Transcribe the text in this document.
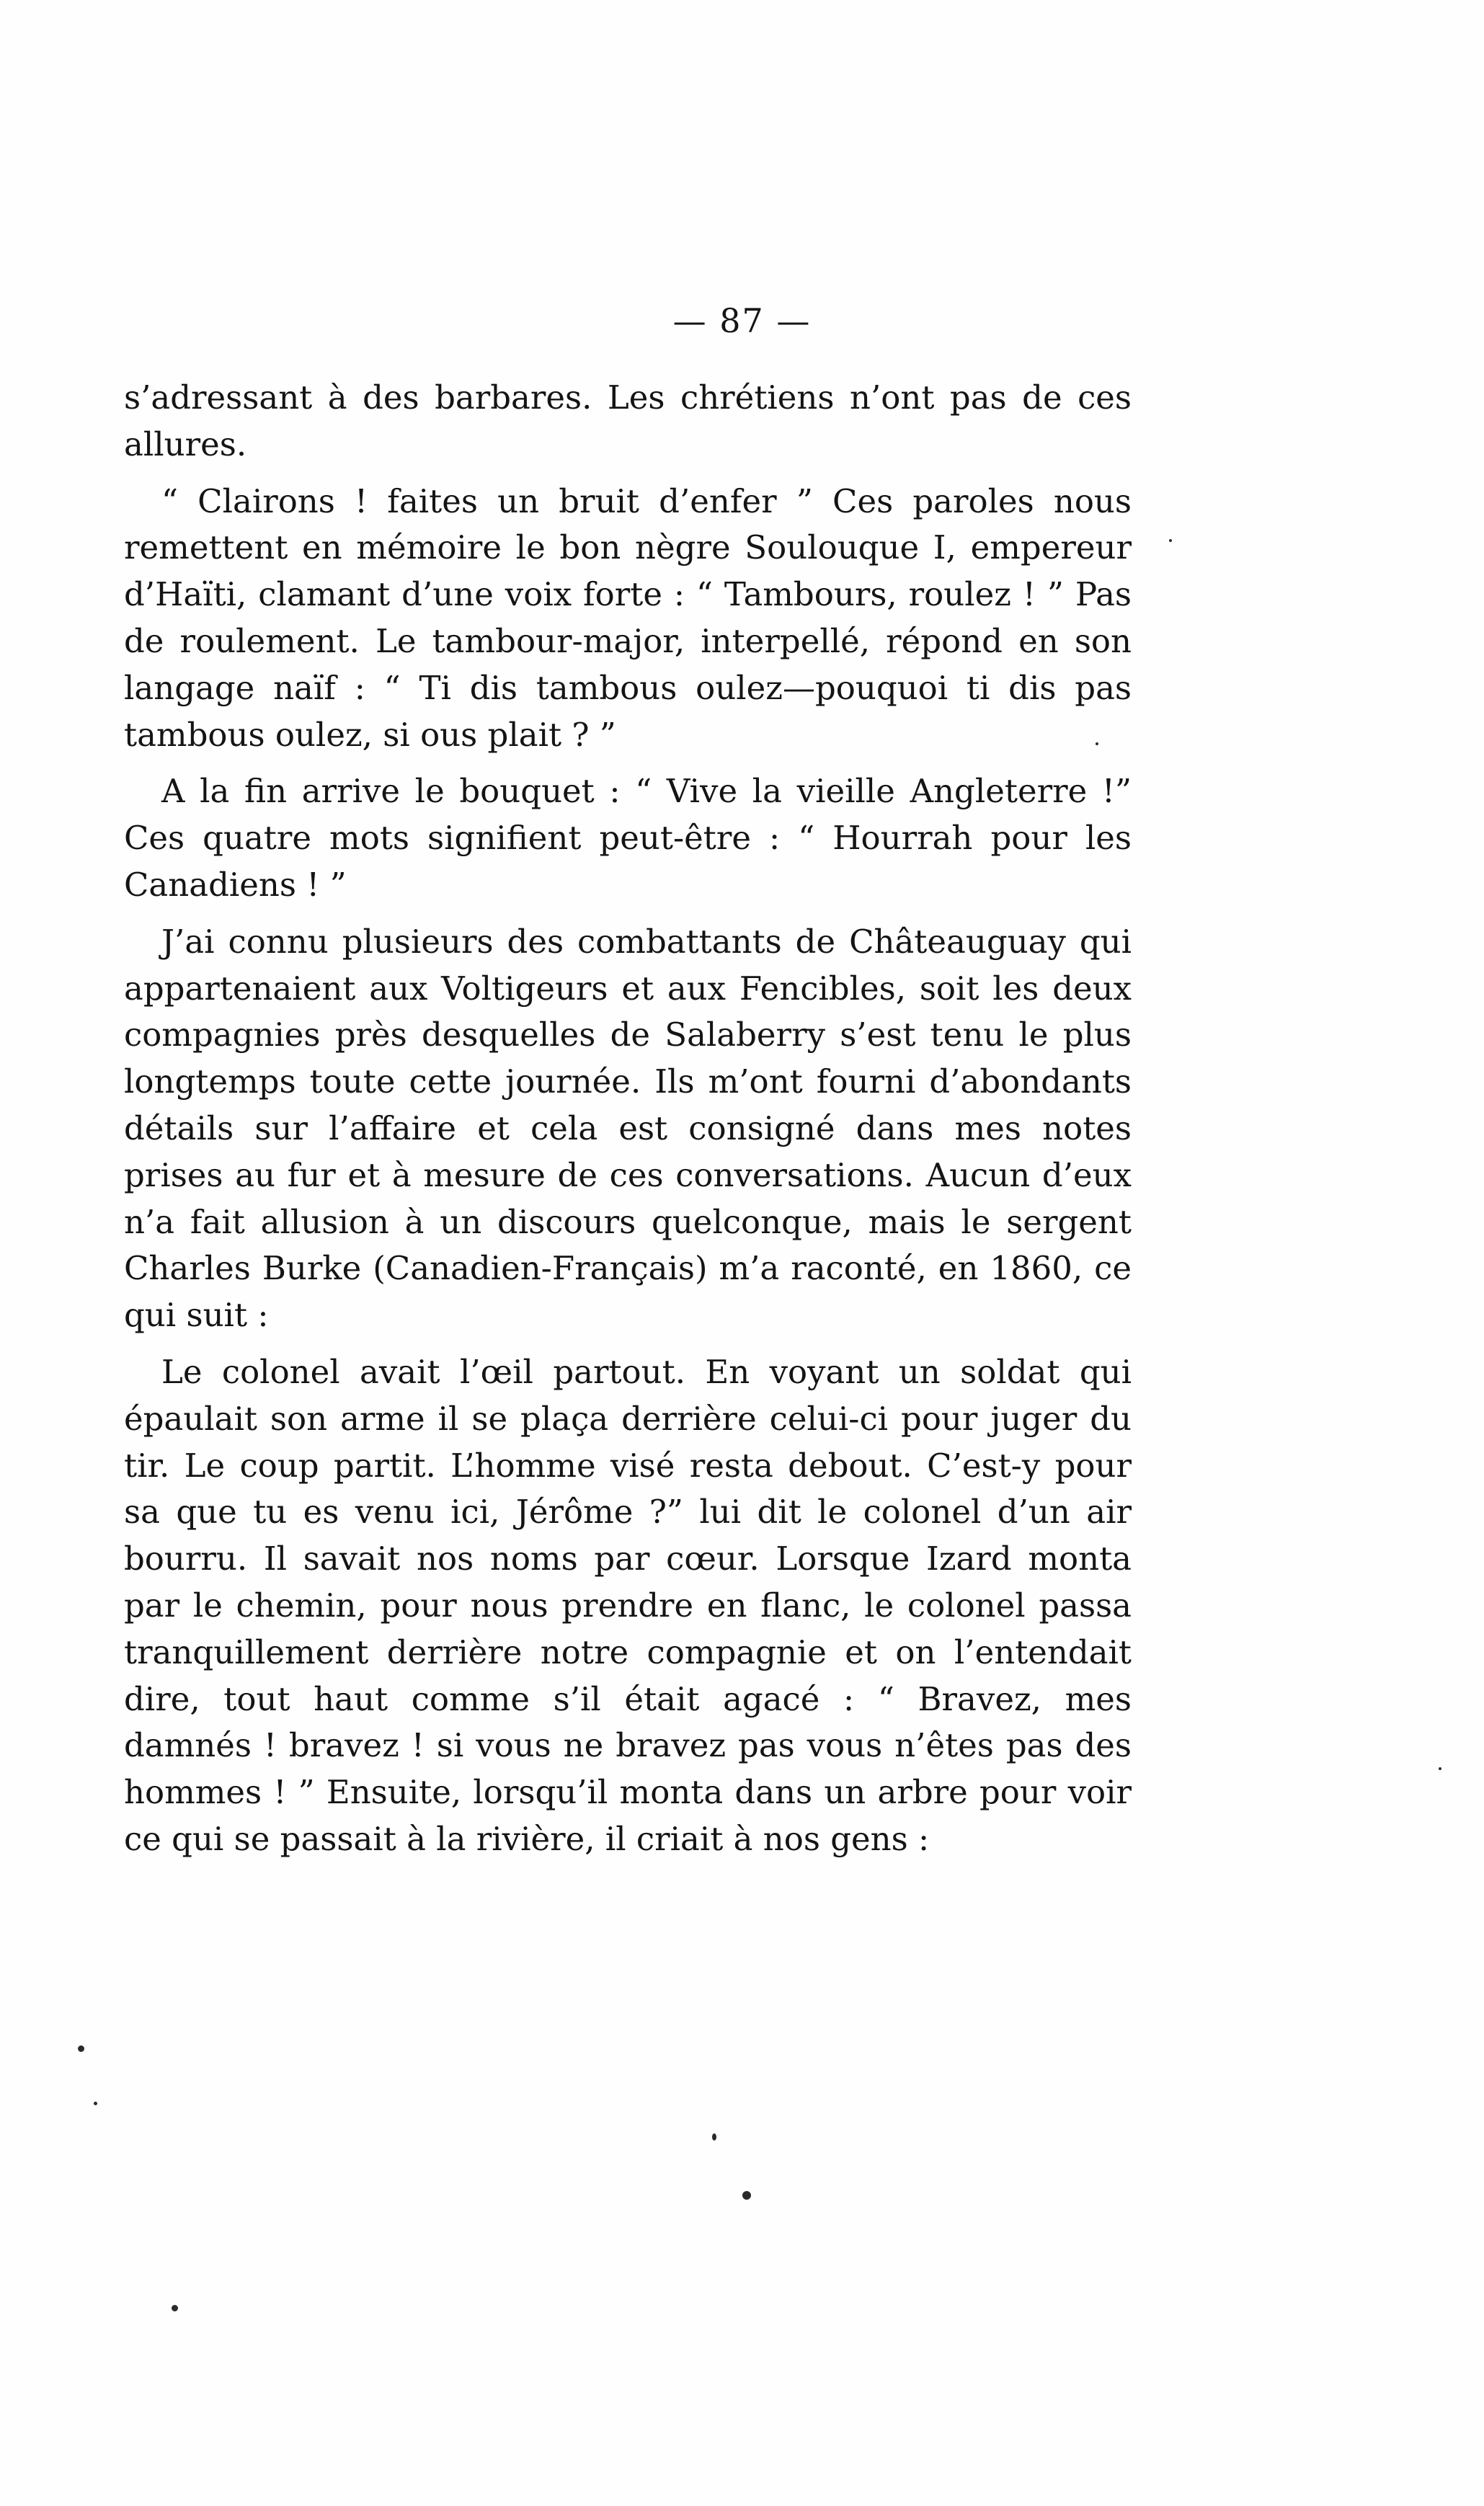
— 87 —

s’adressant à des barbares. Les chrétiens n’ont pas de ces allures.

“ Clairons ! faites un bruit d’enfer ” Ces paroles nous remettent en mémoire le bon nègre Soulouque I, empereur d’Haïti, clamant d’une voix forte : “ Tambours, roulez ! ” Pas de roulement. Le tambour-major, interpellé, répond en son langage naïf : “ Ti dis tambous oulez—pouquoi ti dis pas tambous oulez, si ous plait ? ”

A la fin arrive le bouquet : “ Vive la vieille Angleterre !” Ces quatre mots signifient peut-être : “ Hourrah pour les Canadiens ! ”

J’ai connu plusieurs des combattants de Châteauguay qui appartenaient aux Voltigeurs et aux Fencibles, soit les deux compagnies près desquelles de Salaberry s’est tenu le plus longtemps toute cette journée. Ils m’ont fourni d’abondants détails sur l’affaire et cela est consigné dans mes notes prises au fur et à mesure de ces conversations. Aucun d’eux n’a fait allusion à un discours quelconque, mais le sergent Charles Burke (Canadien-Français) m’a raconté, en 1860, ce qui suit :

Le colonel avait l’œil partout. En voyant un soldat qui épaulait son arme il se plaça derrière celui-ci pour juger du tir. Le coup partit. L’homme visé resta debout. C’est-y pour sa que tu es venu ici, Jérôme ?” lui dit le colonel d’un air bourru. Il savait nos noms par cœur. Lorsque Izard monta par le chemin, pour nous prendre en flanc, le colonel passa tranquillement derrière notre compagnie et on l’entendait dire, tout haut comme s’il était agacé : “ Bravez, mes damnés ! bravez ! si vous ne bravez pas vous n’êtes pas des hommes ! ” Ensuite, lorsqu’il monta dans un arbre pour voir ce qui se passait à la rivière, il criait à nos gens :
